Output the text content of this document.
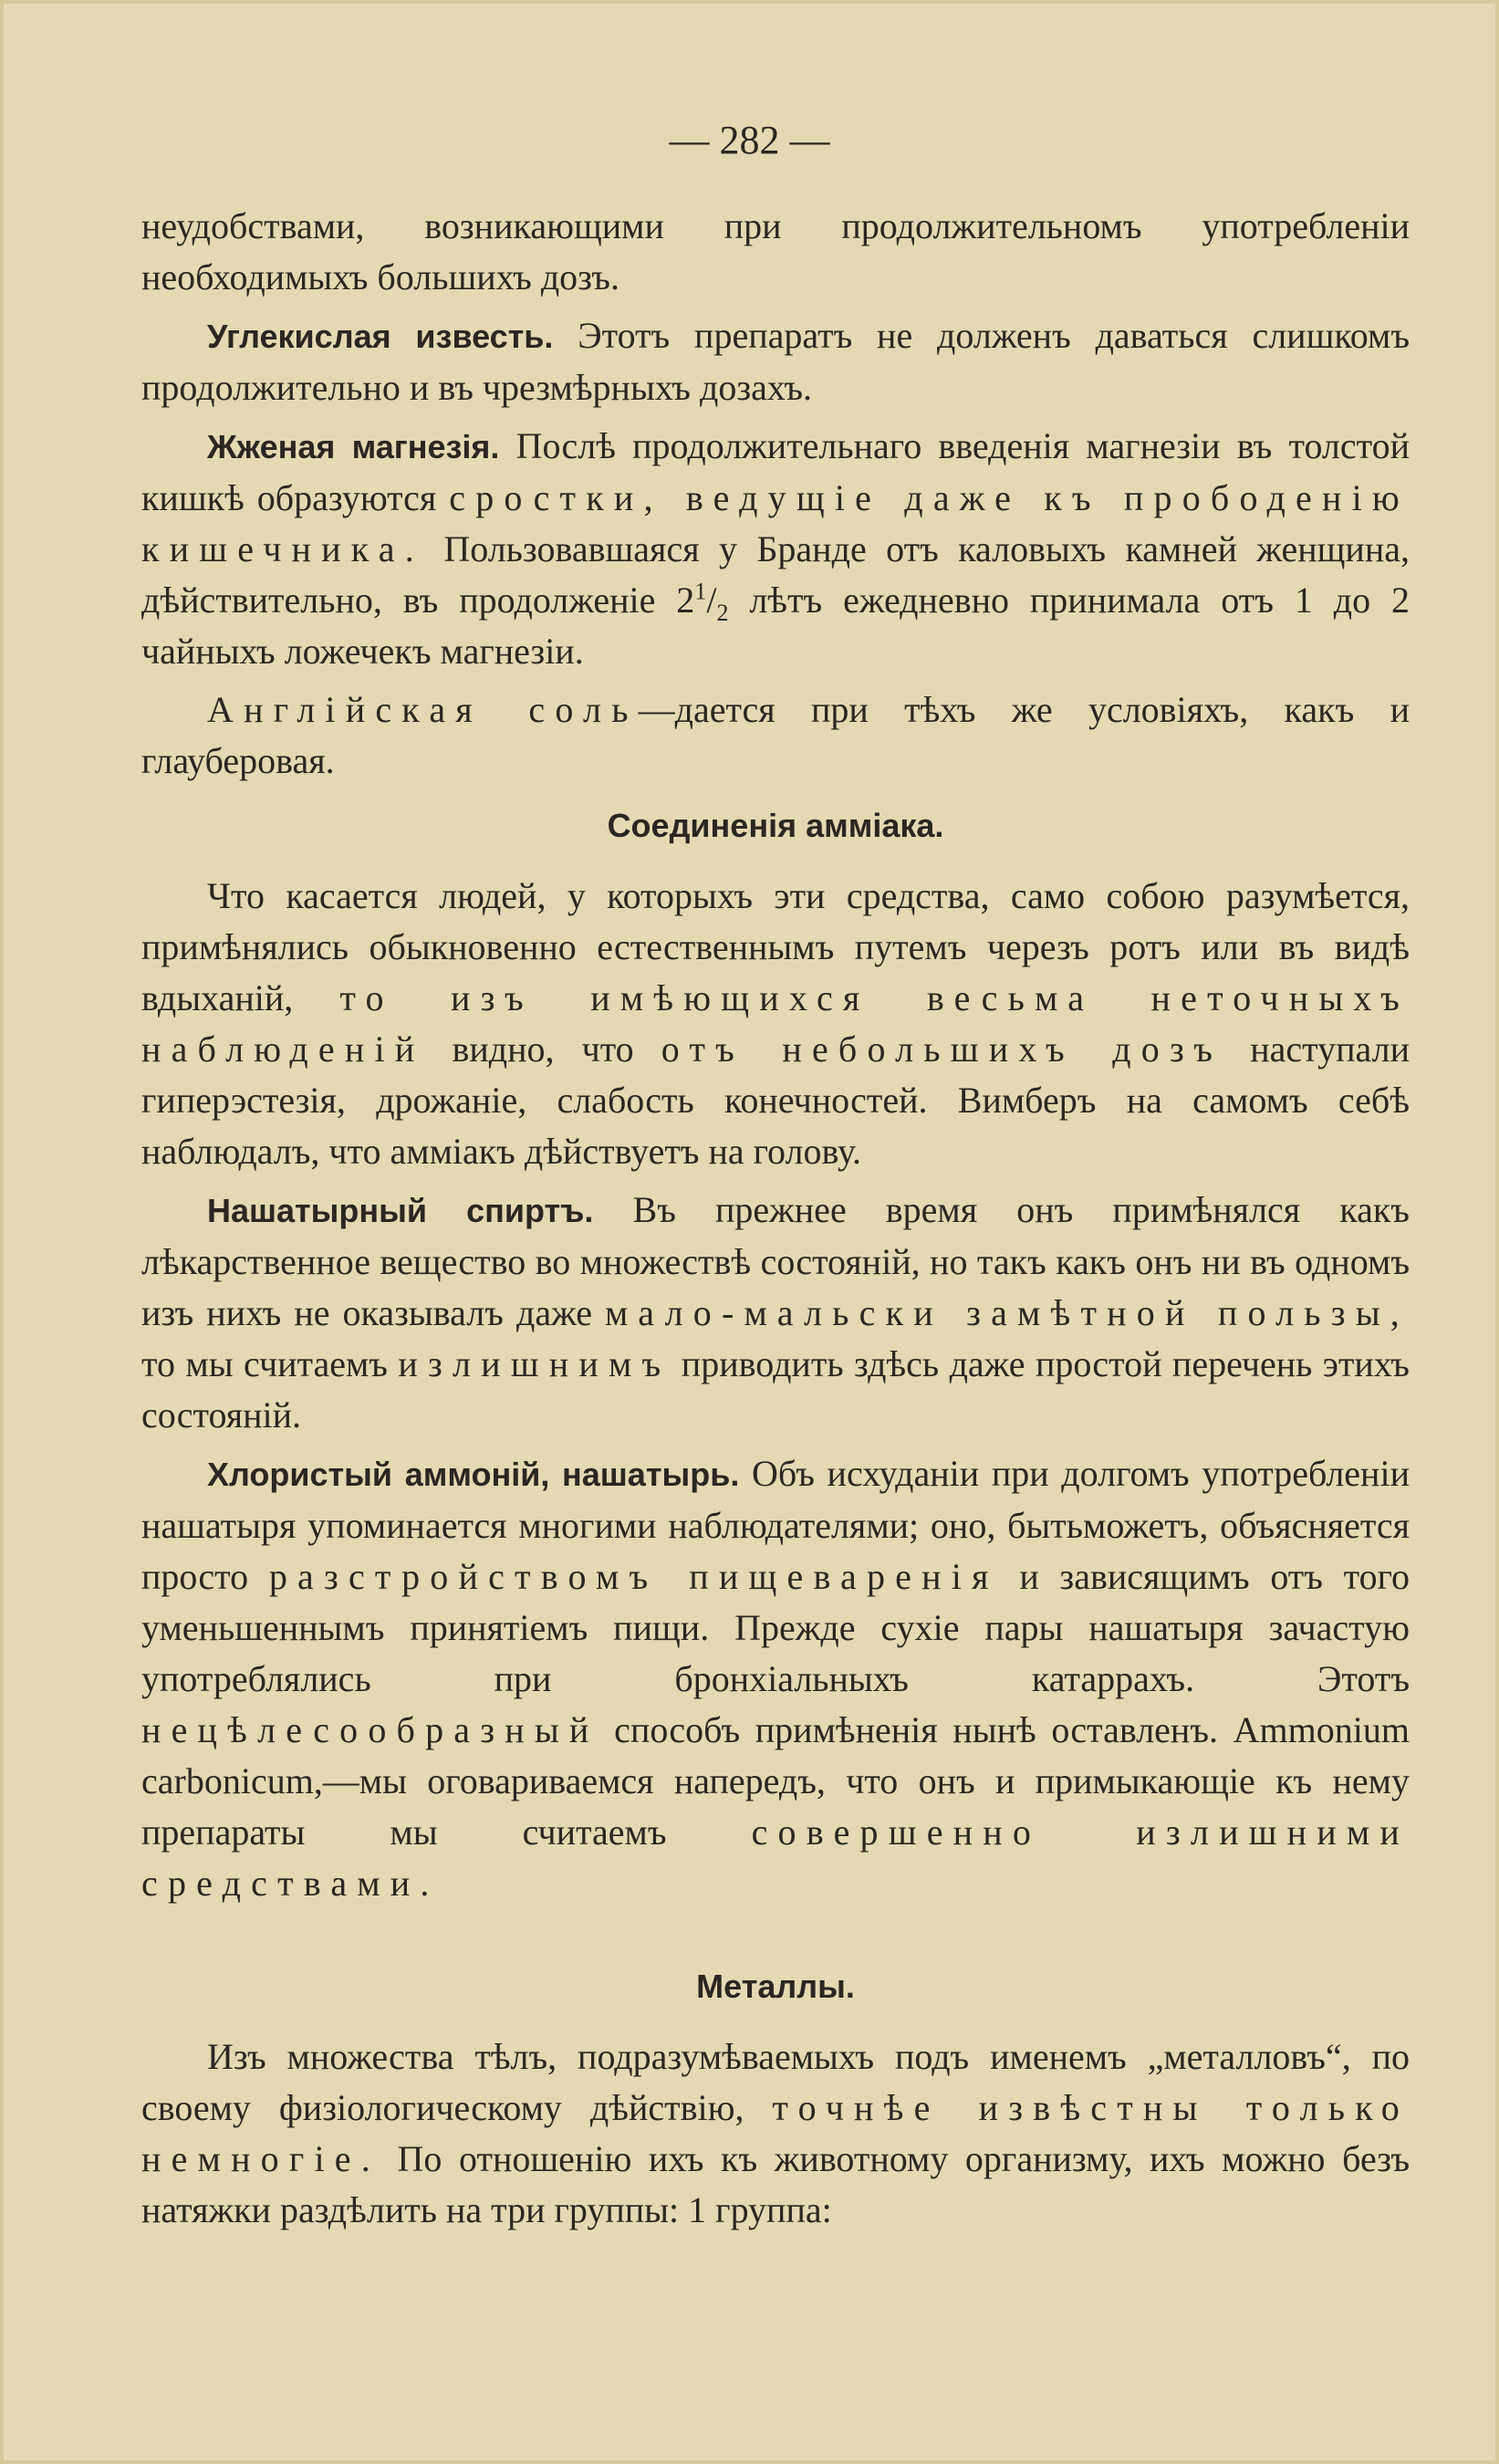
— 282 —

неудобствами, возникающими при продолжительномъ употребленіи необходимыхъ большихъ дозъ.

Углекислая известь. Этотъ препаратъ не долженъ даваться слишкомъ продолжительно и въ чрезмѣрныхъ дозахъ.

Жженая магнезія. Послѣ продолжительнаго введенія магнезіи въ толстой кишкѣ образуются сростки, ведущіе даже къ прободенію кишечника. Пользовавшаяся у Бранде отъ каловыхъ камней женщина, дѣйствительно, въ продолженіе $2^1/_2$ лѣтъ ежедневно принимала отъ 1 до 2 чайныхъ ложечекъ магнезіи.

Англійская соль—дается при тѣхъ же условіяхъ, какъ и глауберовая.

Соединенія аммiака.

Что касается людей, у которыхъ эти средства, само собою разумѣется, примѣнялись обыкновенно естественнымъ путемъ черезъ ротъ или въ видѣ вдыханій, то изъ имѣющихся весьма неточныхъ наблюденій видно, что отъ небольшихъ дозъ наступали гиперэстезія, дрожаніе, слабость конечностей. Вимберъ на самомъ себѣ наблюдалъ, что амміакъ дѣйствуетъ на голову.

Нашатырный спиртъ. Въ прежнее время онъ примѣнялся какъ лѣкарственное вещество во множествѣ состояній, но такъ какъ онъ ни въ одномъ изъ нихъ не оказывалъ даже мало-мальски замѣтной пользы, то мы считаемъ излишнимъ приводить здѣсь даже простой перечень этихъ состояній.

Хлористый аммоній, нашатырь. Объ исхуданіи при долгомъ употребленіи нашатыря упоминается многими наблюдателями; оно, бытьможетъ, объясняется просто разстройствомъ пищеваренія и зависящимъ отъ того уменьшеннымъ принятіемъ пищи. Прежде сухіе пары нашатыря зачастую употреблялись при бронхіальныхъ катаррахъ. Этотъ нецѣлесообразный способъ примѣненія нынѣ оставленъ. Ammonium carbonicum,—мы оговариваемся напередъ, что онъ и примыкающіе къ нему препараты мы считаемъ совершенно излишними средствами.

Металлы.

Изъ множества тѣлъ, подразумѣваемыхъ подъ именемъ „металловъ“, по своему физіологическому дѣйствію, точнѣе извѣстны только немногіе. По отношенію ихъ къ животному организму, ихъ можно безъ натяжки раздѣлить на три группы: 1 группа:
